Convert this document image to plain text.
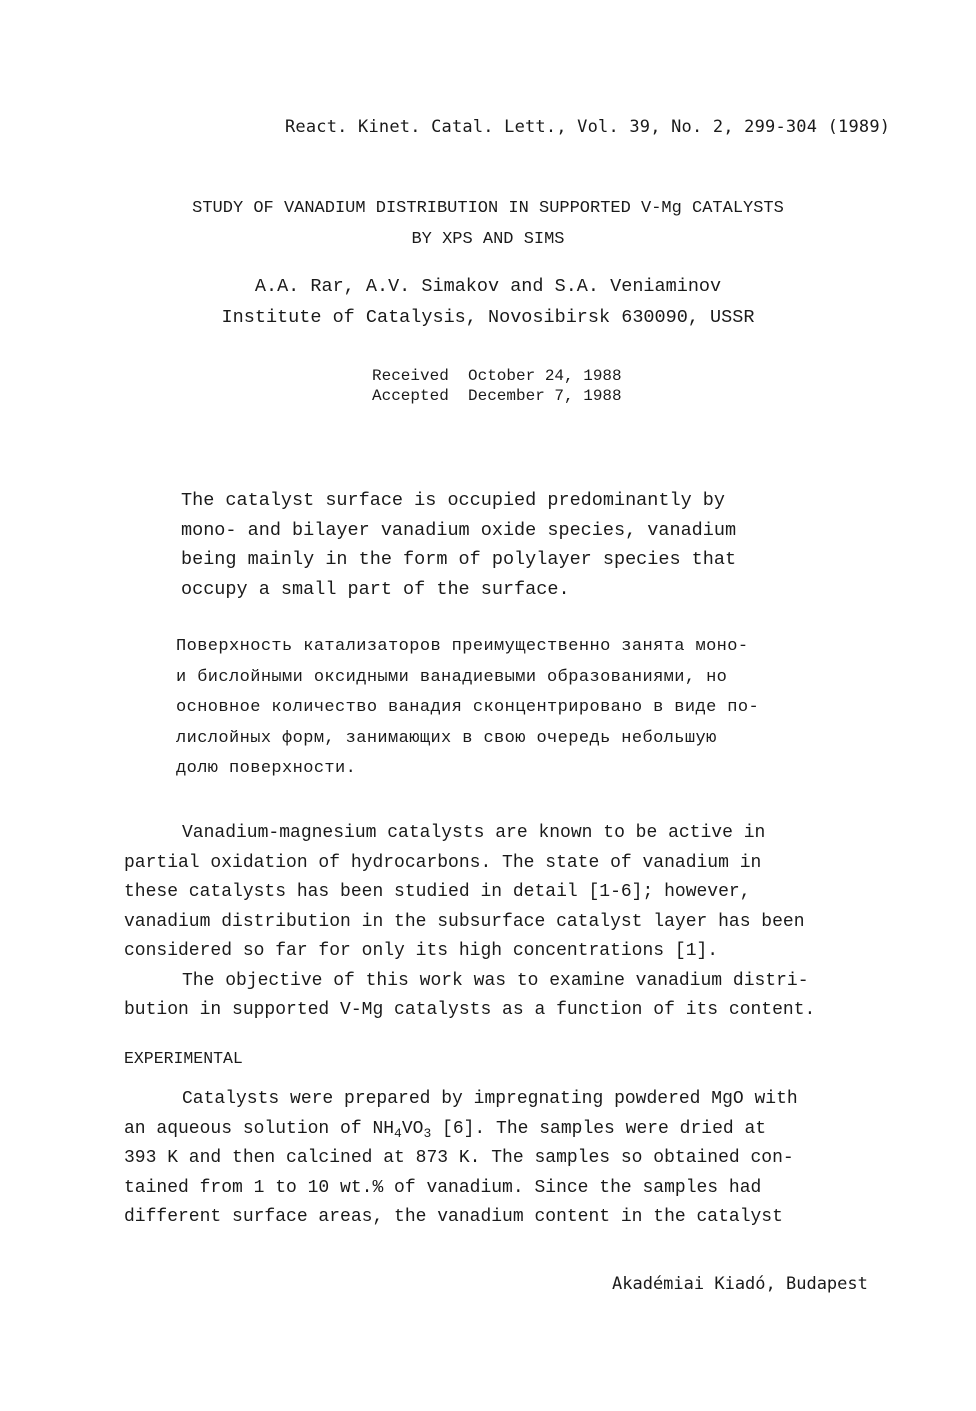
React. Kinet. Catal. Lett., Vol. 39, No. 2, 299-304 (1989)
STUDY OF VANADIUM DISTRIBUTION IN SUPPORTED V-Mg CATALYSTS
BY XPS AND SIMS
A.A. Rar, A.V. Simakov and S.A. Veniaminov
Institute of Catalysis, Novosibirsk 630090, USSR
Received October 24, 1988
Accepted December 7, 1988
The catalyst surface is occupied predominantly by
mono- and bilayer vanadium oxide species, vanadium
being mainly in the form of polylayer species that
occupy a small part of the surface.
Поверхность катализаторов преимущественно занята моно-
и бислойными оксидными ванадиевыми образованиями, но
основное количество ванадия сконцентрировано в виде по-
лислойных форм, занимающих в свою очередь небольшую
долю поверхности.
Vanadium-magnesium catalysts are known to be active in
partial oxidation of hydrocarbons. The state of vanadium in
these catalysts has been studied in detail [1-6]; however,
vanadium distribution in the subsurface catalyst layer has been
considered so far for only its high concentrations [1].
The objective of this work was to examine vanadium distri-
bution in supported V-Mg catalysts as a function of its content.
EXPERIMENTAL
Catalysts were prepared by impregnating powdered MgO with
an aqueous solution of $NH_4VO_3$ [6]. The samples were dried at
393 K and then calcined at 873 K. The samples so obtained con-
tained from 1 to 10 wt.% of vanadium. Since the samples had
different surface areas, the vanadium content in the catalyst
Akadémiai Kiadó, Budapest
